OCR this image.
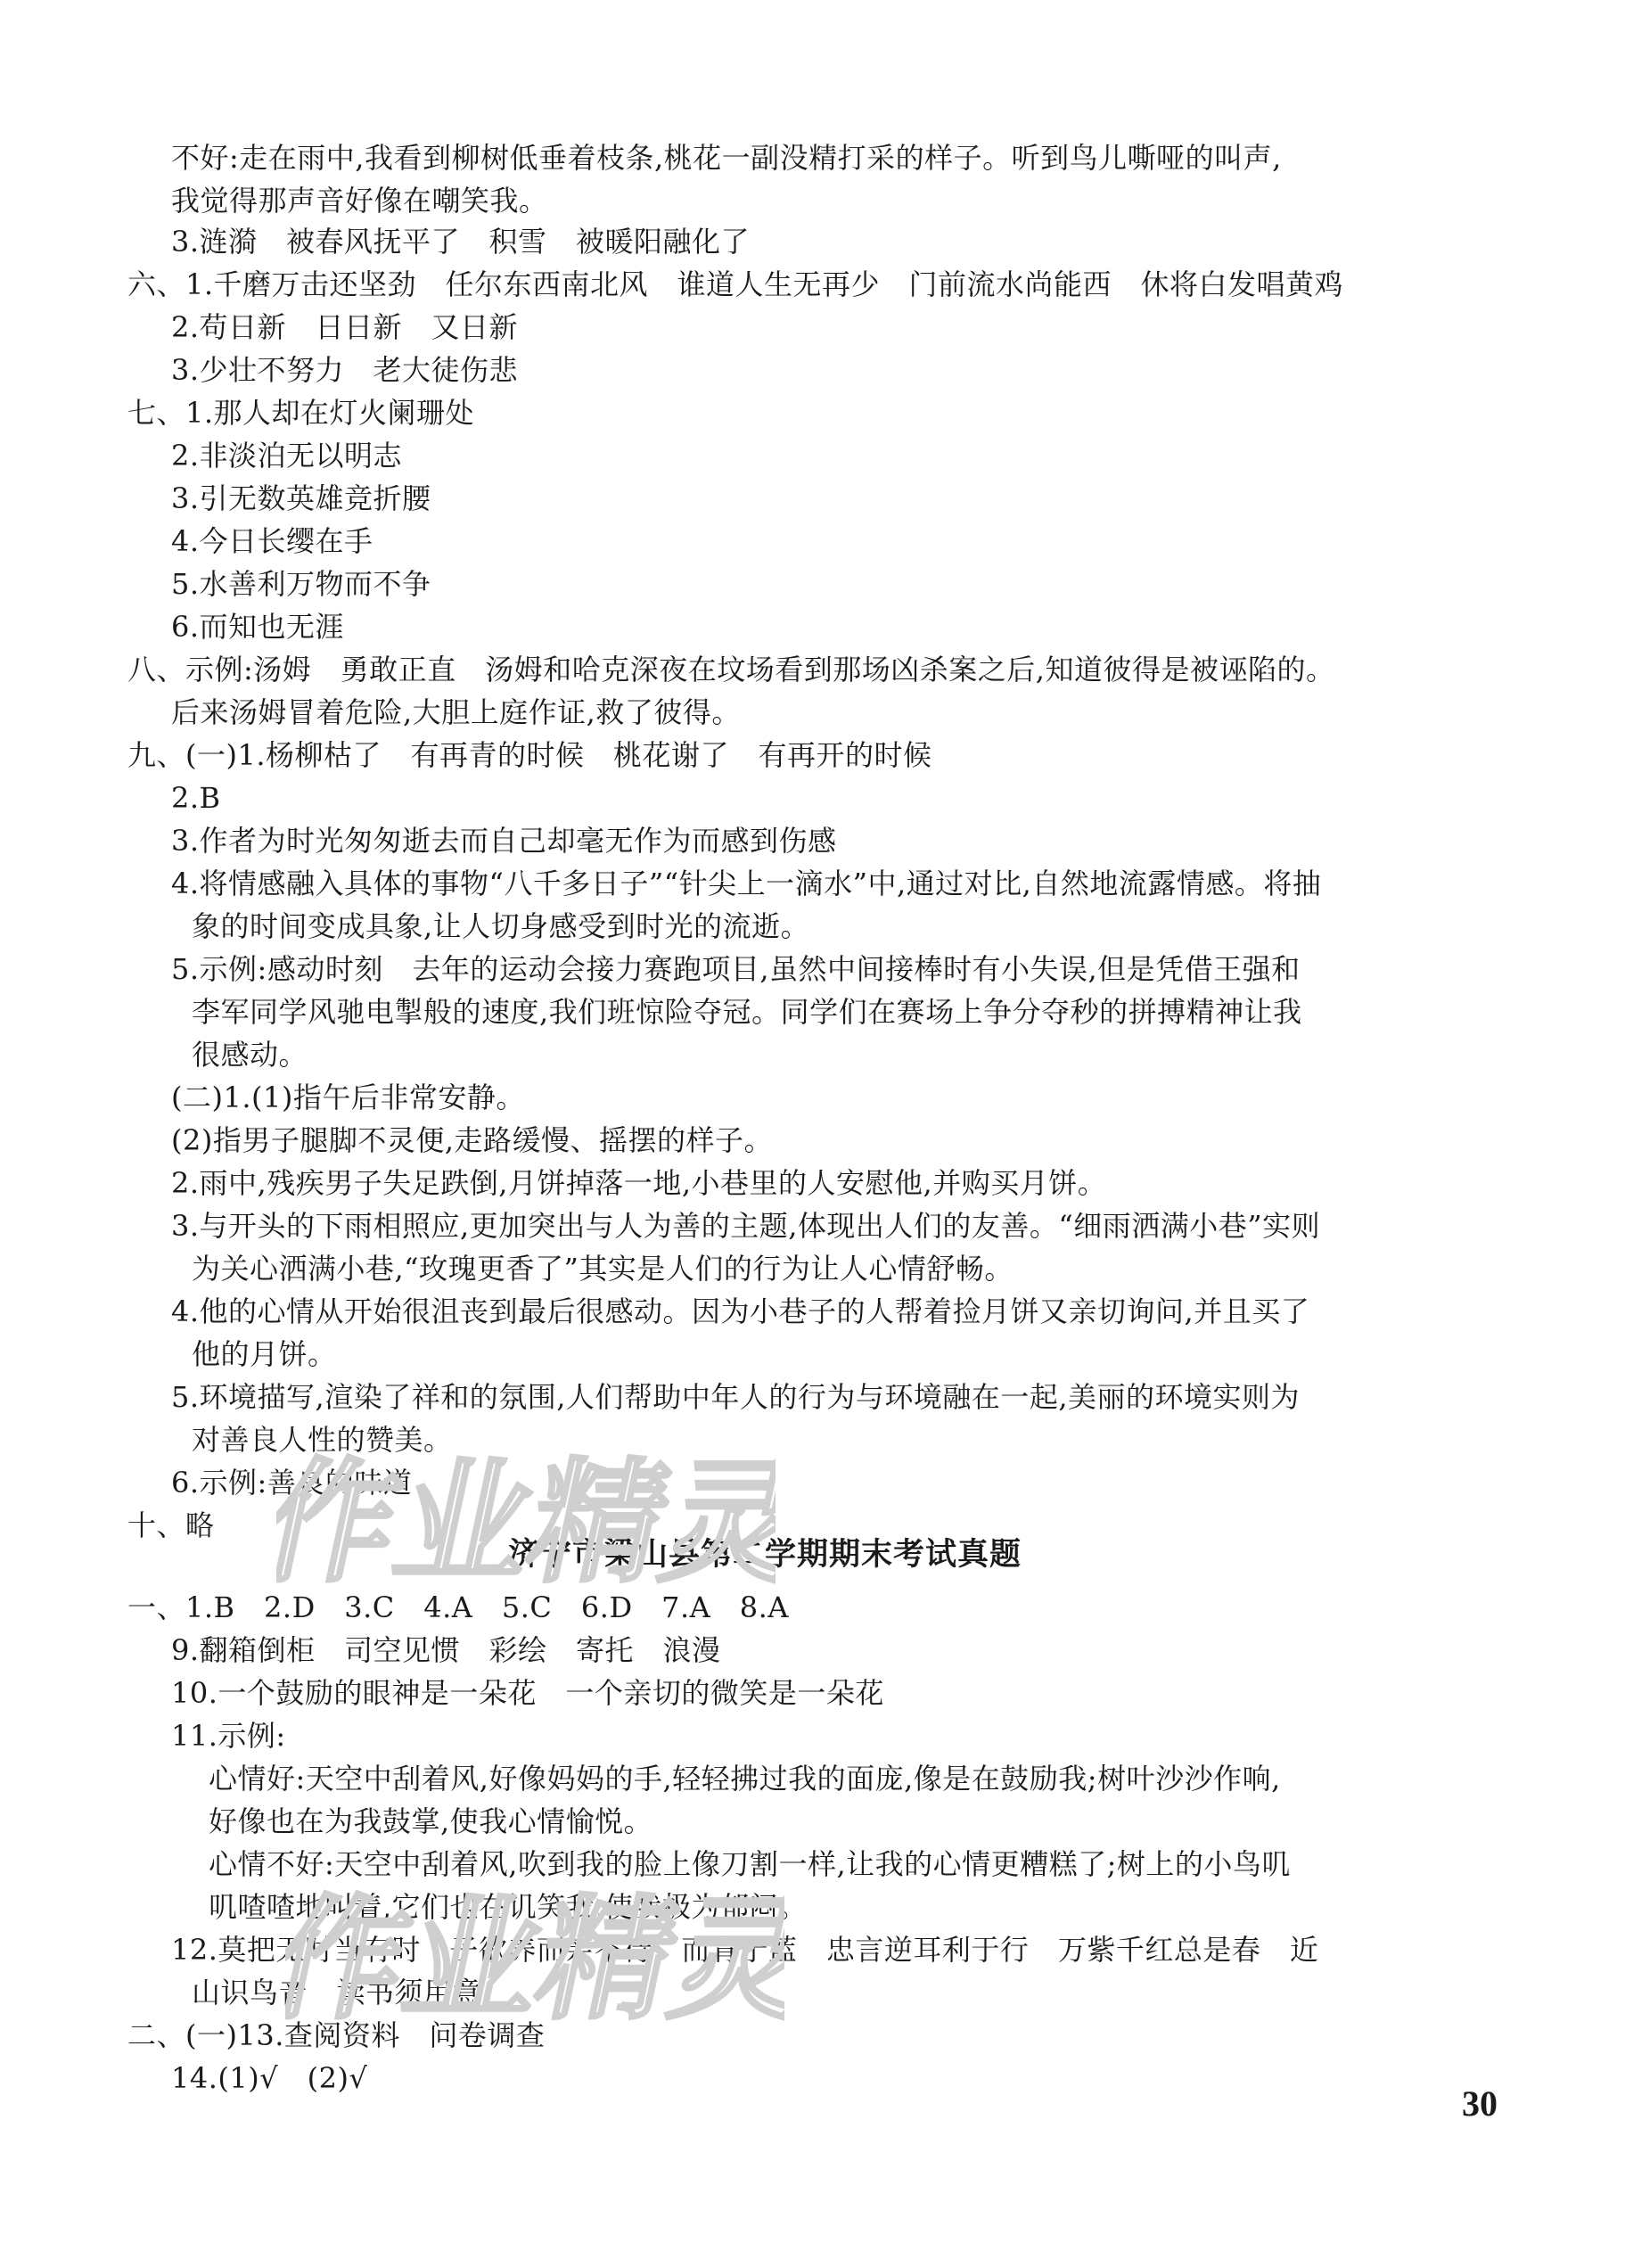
不好:走在雨中,我看到柳树低垂着枝条,桃花一副没精打采的样子。听到鸟儿嘶哑的叫声,
我觉得那声音好像在嘲笑我。
3.涟漪　被春风抚平了　积雪　被暖阳融化了
六、1.千磨万击还坚劲　任尔东西南北风　谁道人生无再少　门前流水尚能西　休将白发唱黄鸡
2.苟日新　日日新　又日新
3.少壮不努力　老大徒伤悲
七、1.那人却在灯火阑珊处
2.非淡泊无以明志
3.引无数英雄竞折腰
4.今日长缨在手
5.水善利万物而不争
6.而知也无涯
八、示例:汤姆　勇敢正直　汤姆和哈克深夜在坟场看到那场凶杀案之后,知道彼得是被诬陷的。
后来汤姆冒着危险,大胆上庭作证,救了彼得。
九、(一)1.杨柳枯了　有再青的时候　桃花谢了　有再开的时候
2.B
3.作者为时光匆匆逝去而自己却毫无作为而感到伤感
4.将情感融入具体的事物“八千多日子”“针尖上一滴水”中,通过对比,自然地流露情感。将抽
象的时间变成具象,让人切身感受到时光的流逝。
5.示例:感动时刻　去年的运动会接力赛跑项目,虽然中间接棒时有小失误,但是凭借王强和
李军同学风驰电掣般的速度,我们班惊险夺冠。同学们在赛场上争分夺秒的拼搏精神让我
很感动。
(二)1.(1)指午后非常安静。
(2)指男子腿脚不灵便,走路缓慢、摇摆的样子。
2.雨中,残疾男子失足跌倒,月饼掉落一地,小巷里的人安慰他,并购买月饼。
3.与开头的下雨相照应,更加突出与人为善的主题,体现出人们的友善。“细雨洒满小巷”实则
为关心洒满小巷,“玫瑰更香了”其实是人们的行为让人心情舒畅。
4.他的心情从开始很沮丧到最后很感动。因为小巷子的人帮着捡月饼又亲切询问,并且买了
他的月饼。
5.环境描写,渲染了祥和的氛围,人们帮助中年人的行为与环境融在一起,美丽的环境实则为
对善良人性的赞美。
6.示例:善良的味道
十、略
济宁市梁山县第二学期期末考试真题
一、1.B　2.D　3.C　4.A　5.C　6.D　7.A　8.A
9.翻箱倒柜　司空见惯　彩绘　寄托　浪漫
10.一个鼓励的眼神是一朵花　一个亲切的微笑是一朵花
11.示例:
心情好:天空中刮着风,好像妈妈的手,轻轻拂过我的面庞,像是在鼓励我;树叶沙沙作响,
好像也在为我鼓掌,使我心情愉悦。
心情不好:天空中刮着风,吹到我的脸上像刀割一样,让我的心情更糟糕了;树上的小鸟叽
叽喳喳地叫着,它们也在讥笑我,使我极为郁闷。
12.莫把无时当有时　子欲养而亲不待　而青于蓝　忠言逆耳利于行　万紫千红总是春　近
山识鸟音　读书须用意
二、(一)13.查阅资料　问卷调查
14.(1)√　(2)√
30
作业精灵
作业精灵
